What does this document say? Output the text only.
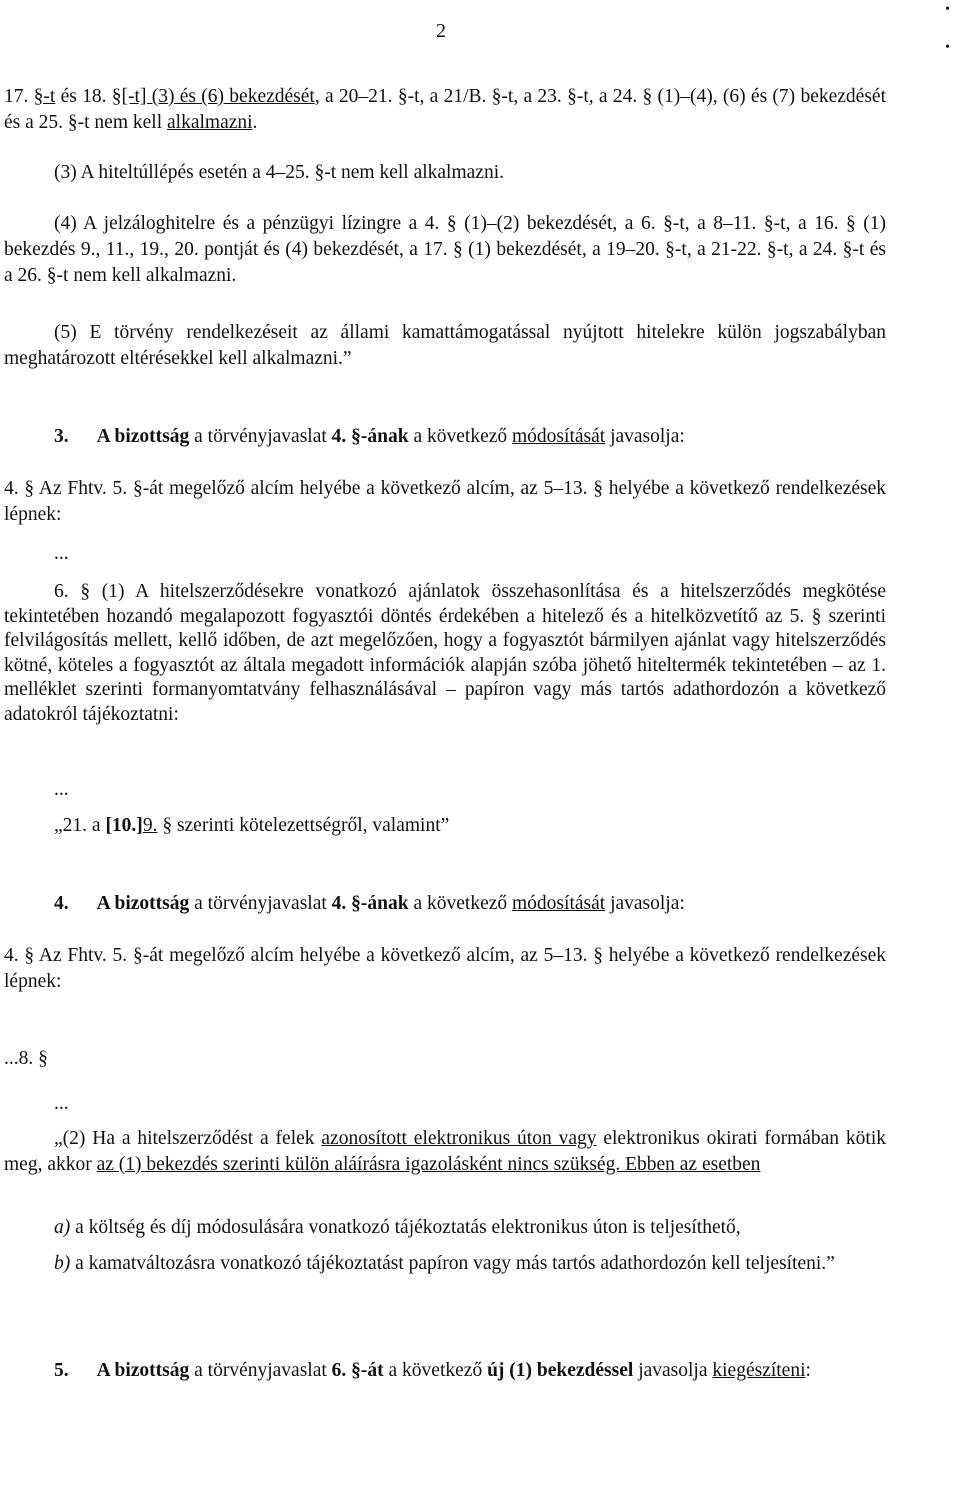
2
•
•
17. §-t és 18. §[-t] (3) és (6) bekezdését, a 20–21. §-t, a 21/B. §-t, a 23. §-t, a 24. § (1)–(4), (6) és (7) bekezdését és a 25. §-t nem kell alkalmazni.
(3) A hiteltúllépés esetén a 4–25. §-t nem kell alkalmazni.
(4) A jelzáloghitelre és a pénzügyi lízingre a 4. § (1)–(2) bekezdését, a 6. §-t, a 8–11. §-t, a 16. § (1) bekezdés 9., 11., 19., 20. pontját és (4) bekezdését, a 17. § (1) bekezdését, a 19–20. §-t, a 21-22. §-t, a 24. §-t és a 26. §-t nem kell alkalmazni.
(5) E törvény rendelkezéseit az állami kamattámogatással nyújtott hitelekre külön jogszabályban meghatározott eltérésekkel kell alkalmazni.”
3. A bizottság a törvényjavaslat 4. §-ának a következő módosítását javasolja:
4. § Az Fhtv. 5. §-át megelőző alcím helyébe a következő alcím, az 5–13. § helyébe a következő rendelkezések lépnek:
...
6. § (1) A hitelszerződésekre vonatkozó ajánlatok összehasonlítása és a hitelszerződés megkötése tekintetében hozandó megalapozott fogyasztói döntés érdekében a hitelező és a hitelközvetítő az 5. § szerinti felvilágosítás mellett, kellő időben, de azt megelőzően, hogy a fogyasztót bármilyen ajánlat vagy hitelszerződés kötné, köteles a fogyasztót az általa megadott információk alapján szóba jöhető hiteltermék tekintetében – az 1. melléklet szerinti formanyomtatvány felhasználásával – papíron vagy más tartós adathordozón a következő adatokról tájékoztatni:
...
„21. a [10.]9. § szerinti kötelezettségről, valamint”
4. A bizottság a törvényjavaslat 4. §-ának a következő módosítását javasolja:
4. § Az Fhtv. 5. §-át megelőző alcím helyébe a következő alcím, az 5–13. § helyébe a következő rendelkezések lépnek:
...8. §
...
„(2) Ha a hitelszerződést a felek azonosított elektronikus úton vagy elektronikus okirati formában kötik meg, akkor az (1) bekezdés szerinti külön aláírásra igazolásként nincs szükség. Ebben az esetben
a) a költség és díj módosulására vonatkozó tájékoztatás elektronikus úton is teljesíthető,
b) a kamatváltozásra vonatkozó tájékoztatást papíron vagy más tartós adathordozón kell teljesíteni.”
5. A bizottság a törvényjavaslat 6. §-át a következő új (1) bekezdéssel javasolja kiegészíteni:
